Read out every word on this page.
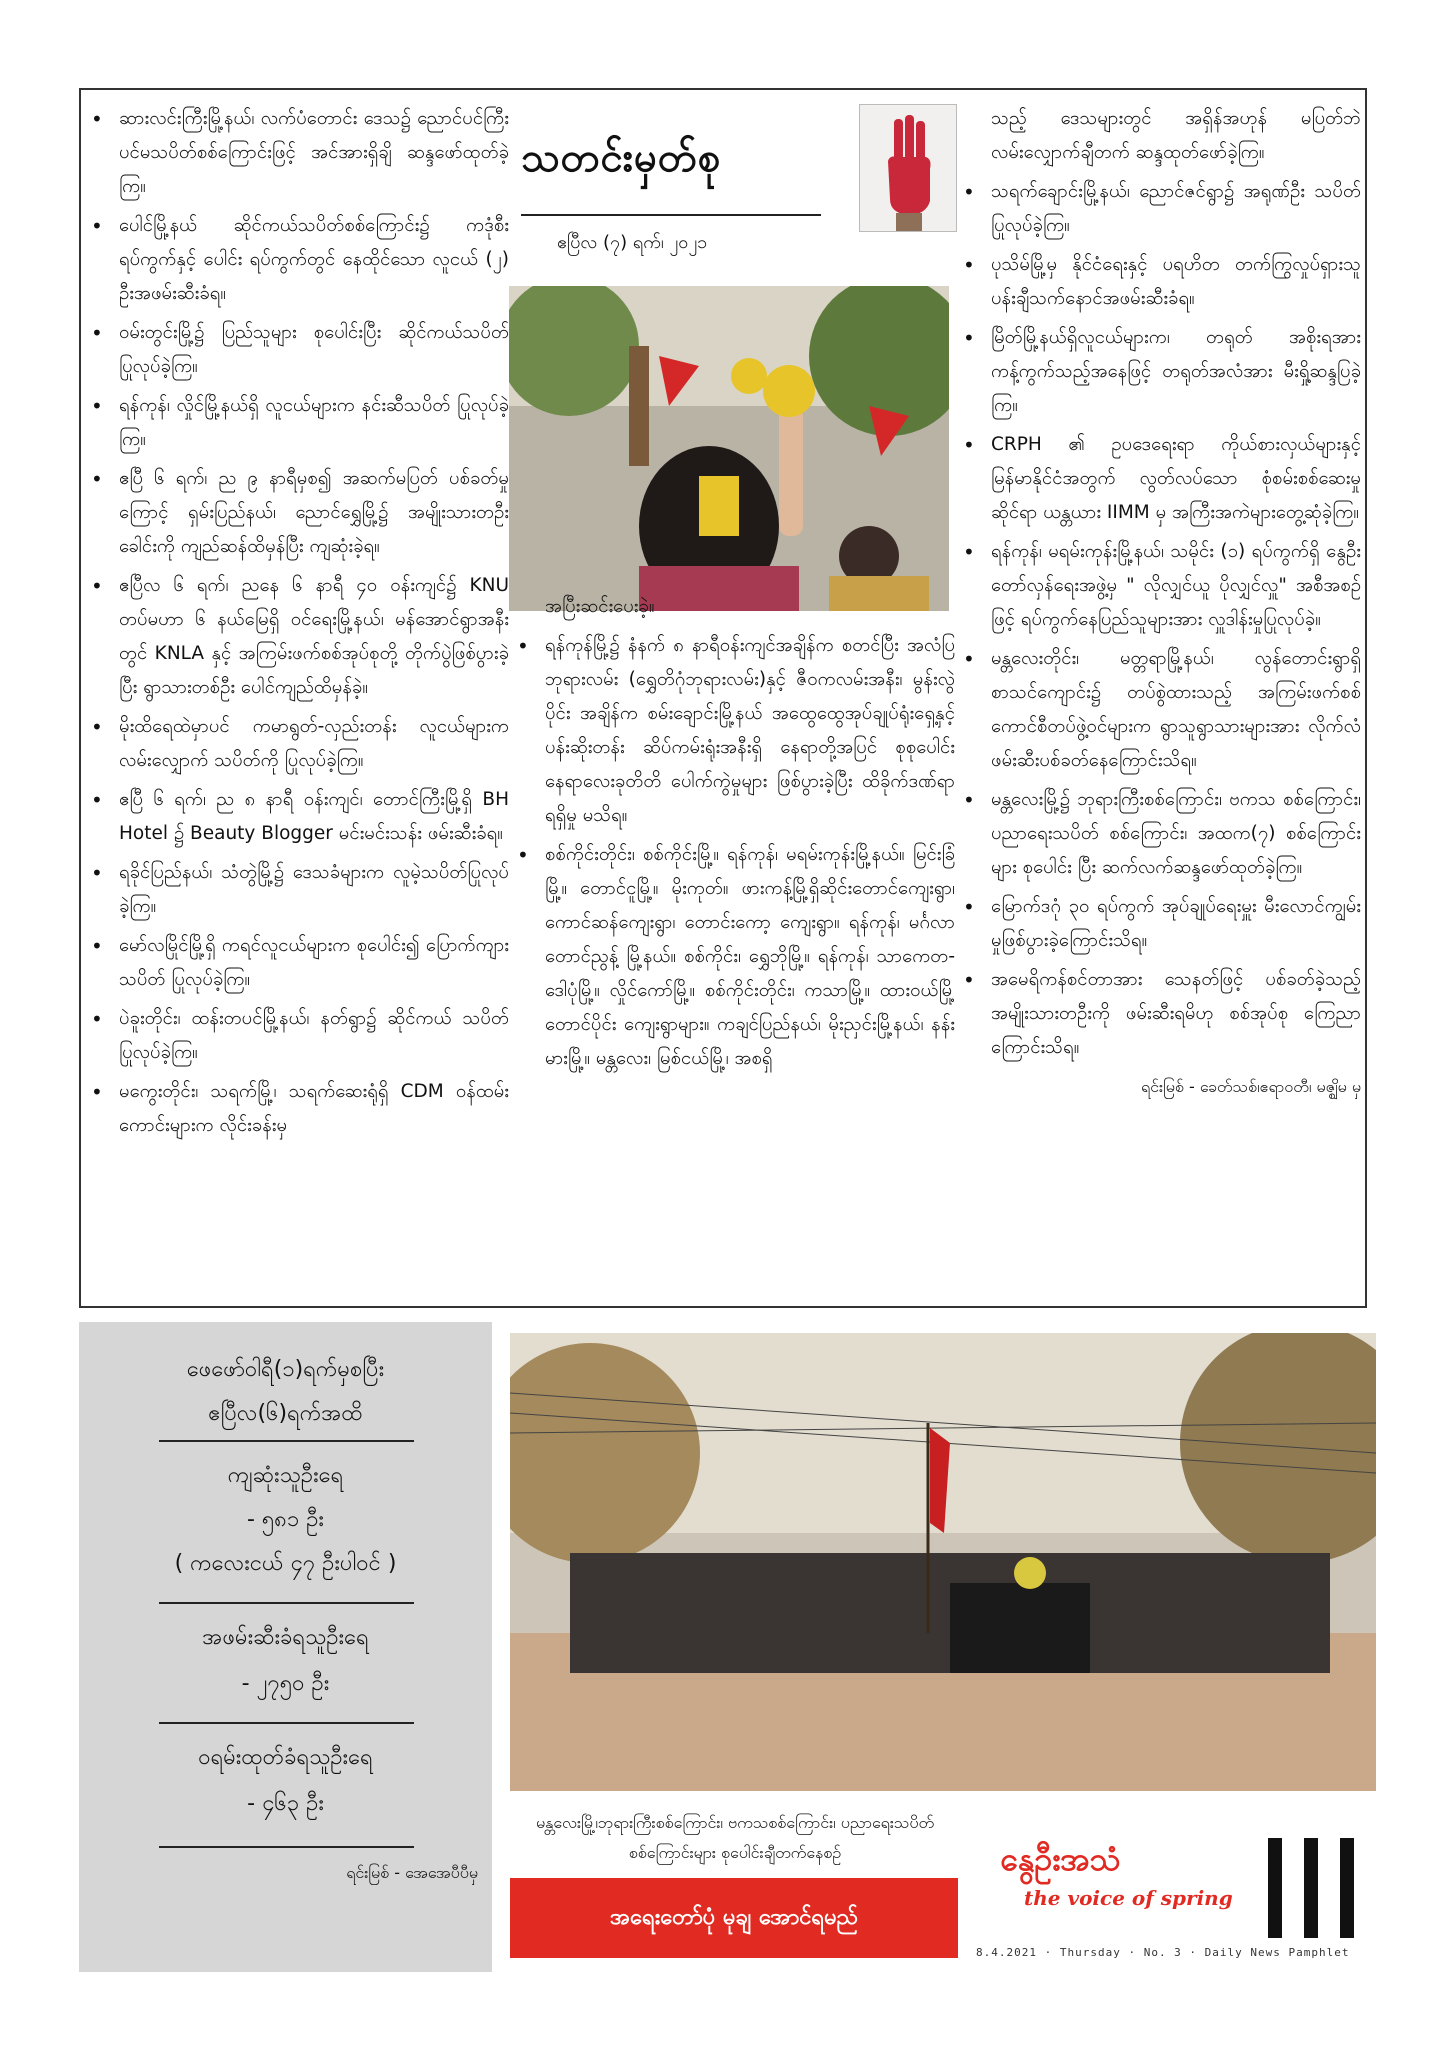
• ဆားလင်းကြီးမြို့နယ်၊ လက်ပံတောင်း ဒေသ၌ ညောင်ပင်ကြီးပင်မသပိတ်စစ်ကြောင်းဖြင့် အင်အားရှိချိ ဆန္ဒဖော်ထုတ်ခဲ့ကြ။
• ပေါင်မြို့နယ် ဆိုင်ကယ်သပိတ်စစ်ကြောင်း၌ ကဒုံစီး ရပ်ကွက်နှင့် ပေါင်း ရပ်ကွက်တွင် နေထိုင်သော လူငယ် (၂) ဦးအဖမ်းဆီးခံရ။
• ဝမ်းတွင်းမြို့၌ ပြည်သူများ စုပေါင်းပြီး ဆိုင်ကယ်သပိတ်ပြုလုပ်ခဲ့ကြ။
• ရန်ကုန်၊ လှိုင်မြို့နယ်ရှိ လူငယ်များက နင်းဆီသပိတ် ပြုလုပ်ခဲ့ကြ။
• ဧပြီ ၆ ရက်၊ ည ၉ နာရီမှစ၍ အဆက်မပြတ် ပစ်ခတ်မှုကြောင့် ရှမ်းပြည်နယ်၊ ညောင်ရွှေမြို့၌ အမျိုးသားတဦး ခေါင်းကို ကျည်ဆန်ထိမှန်ပြီး ကျဆုံးခဲ့ရ။
• ဧပြီလ ၆ ရက်၊ ညနေ ၆ နာရီ ၄၀ ဝန်းကျင်၌ KNU တပ်မဟာ ၆ နယ်မြေရှိ ဝင်ရေးမြို့နယ်၊ မန်အောင်ရွာအနီးတွင် KNLA နှင့် အကြမ်းဖက်စစ်အုပ်စုတို့ တိုက်ပွဲဖြစ်ပွားခဲ့ပြီး ရွာသားတစ်ဦး ပေါင်ကျည်ထိမှန်ခဲ့။
• မိုးထိရေထဲမှာပင် ကမာရွတ်-လှည်းတန်း လူငယ်များက လမ်းလျှောက် သပိတ်ကို ပြုလုပ်ခဲ့ကြ။
• ဧပြီ ၆ ရက်၊ ည ၈ နာရီ ဝန်းကျင်၊ တောင်ကြီးမြို့ရှိ BH Hotel ၌ Beauty Blogger မင်းမင်းသန်း ဖမ်းဆီးခံရ။
• ရခိုင်ပြည်နယ်၊ သံတွဲမြို့၌ ဒေသခံများက လူမဲ့သပိတ်ပြုလုပ်ခဲ့ကြ။
• မော်လမြိုင်မြို့ရှိ ကရင်လူငယ်များက စုပေါင်း၍ ပြောက်ကျားသပိတ် ပြုလုပ်ခဲ့ကြ။
• ပဲခူးတိုင်း၊ ထန်းတပင်မြို့နယ်၊ နတ်ရွာ၌ ဆိုင်ကယ် သပိတ်ပြုလုပ်ခဲ့ကြ။
• မကွေးတိုင်း၊ သရက်မြို့၊ သရက်ဆေးရုံရှိ CDM ဝန်ထမ်းကောင်းများက လိုင်းခန်းမှ
သတင်းမှတ်စု
ဧပြီလ (၇) ရက်၊ ၂၀၂၁

အပြီးဆင်းပေးခဲ့။

• ရန်ကုန်မြို့၌ နံနက် ၈ နာရီဝန်းကျင်အချိန်က စတင်ပြီး အလံပြဘုရားလမ်း (ရွှေတိဂုံဘုရားလမ်း)နှင့် ဇီဝကလမ်းအနီး၊ မွန်းလွဲပိုင်း အချိန်က စမ်းချောင်းမြို့နယ် အထွေထွေအုပ်ချုပ်ရုံးရှေ့နှင့် ပန်းဆိုးတန်း ဆိပ်ကမ်းရုံးအနီးရှိ နေရာတို့အပြင် စုစုပေါင်း နေရာလေးခုတိတိ ပေါက်ကွဲမှုများ ဖြစ်ပွားခဲ့ပြီး ထိခိုက်ဒဏ်ရာရရှိမှု မသိရ။
• စစ်ကိုင်းတိုင်း၊ စစ်ကိုင်းမြို့။ ရန်ကုန်၊ မရမ်းကုန်းမြို့နယ်။ မြင်းခြံမြို့။ တောင်ငူမြို့။ မိုးကုတ်။ ဖားကန့်မြို့ရှိဆိုင်းတောင်ကျေးရွာ၊ ကောင်ဆန်ကျေးရွာ၊ တောင်းကော့ ကျေးရွာ။ ရန်ကုန်၊ မင်္ဂလာတောင်ညွန့် မြို့နယ်။ စစ်ကိုင်း၊ ရွှေဘိုမြို့။ ရန်ကုန်၊ သာကေတ-ဒေါပုံမြို့။ လှိုင်ကော်မြို့။ စစ်ကိုင်းတိုင်း၊ ကသာမြို့။ ထားဝယ်မြို့ တောင်ပိုင်း ကျေးရွာများ။ ကချင်ပြည်နယ်၊ မိုးညှင်းမြို့နယ်၊ နန်းမားမြို့။ မန္တလေး၊ မြစ်ငယ်မြို့၊ အစရှိ

သည့် ဒေသများတွင် အရှိန်အဟုန် မပြတ်ဘဲ လမ်းလျှောက်ချီတက် ဆန္ဒထုတ်ဖော်ခဲ့ကြ။

• သရက်ချောင်းမြို့နယ်၊ ညောင်ဇင်ရွာ၌ အရုဏ်ဦး သပိတ်ပြုလုပ်ခဲ့ကြ။
• ပုသိမ်မြို့မှ နိုင်ငံရေးနှင့် ပရဟိတ တက်ကြွလှုပ်ရှားသူ ပန်းချီသက်နောင်အဖမ်းဆီးခံရ။
• မြိတ်မြို့နယ်ရှိလူငယ်များက၊ တရုတ် အစိုးရအား ကန့်ကွက်သည့်အနေဖြင့် တရုတ်အလံအား မီးရှို့ဆန္ဒပြခဲ့ကြ။
• CRPH ၏ ဥပဒေရေးရာ ကိုယ်စားလှယ်များနှင့် မြန်မာနိုင်ငံအတွက် လွတ်လပ်သော စုံစမ်းစစ်ဆေးမှုဆိုင်ရာ ယန္တယား IIMM မှ အကြီးအကဲများတွေ့ဆုံခဲ့ကြ။
• ရန်ကုန်၊ မရမ်းကုန်းမြို့နယ်၊ သမိုင်း (၁) ရပ်ကွက်ရှိ နွေဦးတော်လှန်ရေးအဖွဲ့မှ " လိုလျှင်ယူ ပိုလျှင်လှူ" အစီအစဉ်ဖြင့် ရပ်ကွက်နေပြည်သူများအား လှူဒါန်းမှုပြုလုပ်ခဲ့။
• မန္တလေးတိုင်း၊ မတ္တရာမြို့နယ်၊ လွန်တောင်းရွာရှိ စာသင်ကျောင်း၌ တပ်စွဲထားသည့် အကြမ်းဖက်စစ်ကောင်စီတပ်ဖွဲ့ဝင်များက ရွာသူရွာသားများအား လိုက်လံဖမ်းဆီးပစ်ခတ်နေကြောင်းသိရ။
• မန္တလေးမြို့၌ ဘုရားကြီးစစ်ကြောင်း၊ ဗကသ စစ်ကြောင်း၊ ပညာရေးသပိတ် စစ်ကြောင်း၊ အထက(၇) စစ်ကြောင်းများ စုပေါင်း ပြီး ဆက်လက်ဆန္ဒဖော်ထုတ်ခဲ့ကြ။
• မြောက်ဒဂုံ ၃၀ ရပ်ကွက် အုပ်ချုပ်ရေးမှူး မီးလောင်ကျွမ်းမှုဖြစ်ပွားခဲ့ကြောင်းသိရ။
• အမေရိကန်စင်တာအား သေနတ်ဖြင့် ပစ်ခတ်ခဲ့သည့် အမျိုးသားတဦးကို ဖမ်းဆီးရမိဟု စစ်အုပ်စု ကြေညာကြောင်းသိရ။
ရင်းမြစ် - ခေတ်သစ်၊ဧရာဝတီ၊ မဇ္ဈိမ မှ
ဖေဖော်ဝါရီ(၁)ရက်မှစပြီး ဧပြီလ(၆)ရက်အထိ
ကျဆုံးသူဦးရေ
- ၅၈၁ ဦး
( ကလေးငယ် ၄၇ ဦးပါဝင် )
အဖမ်းဆီးခံရသူဦးရေ
- ၂၇၅၀ ဦး
ဝရမ်းထုတ်ခံရသူဦးရေ
- ၄၆၃ ဦး
ရင်းမြစ် - အေအေပီပီမှ
မန္တလေးမြို့၊ဘုရားကြီးစစ်ကြောင်း၊ ဗကသစစ်ကြောင်း၊ ပညာရေးသပိတ်စစ်ကြောင်းများ စုပေါင်းချီတက်နေစဉ်
အရေးတော်ပုံ မုချ အောင်ရမည်
နွေဦးအသံ
the voice of spring
8.4.2021 · Thursday · No. 3 · Daily News Pamphlet
